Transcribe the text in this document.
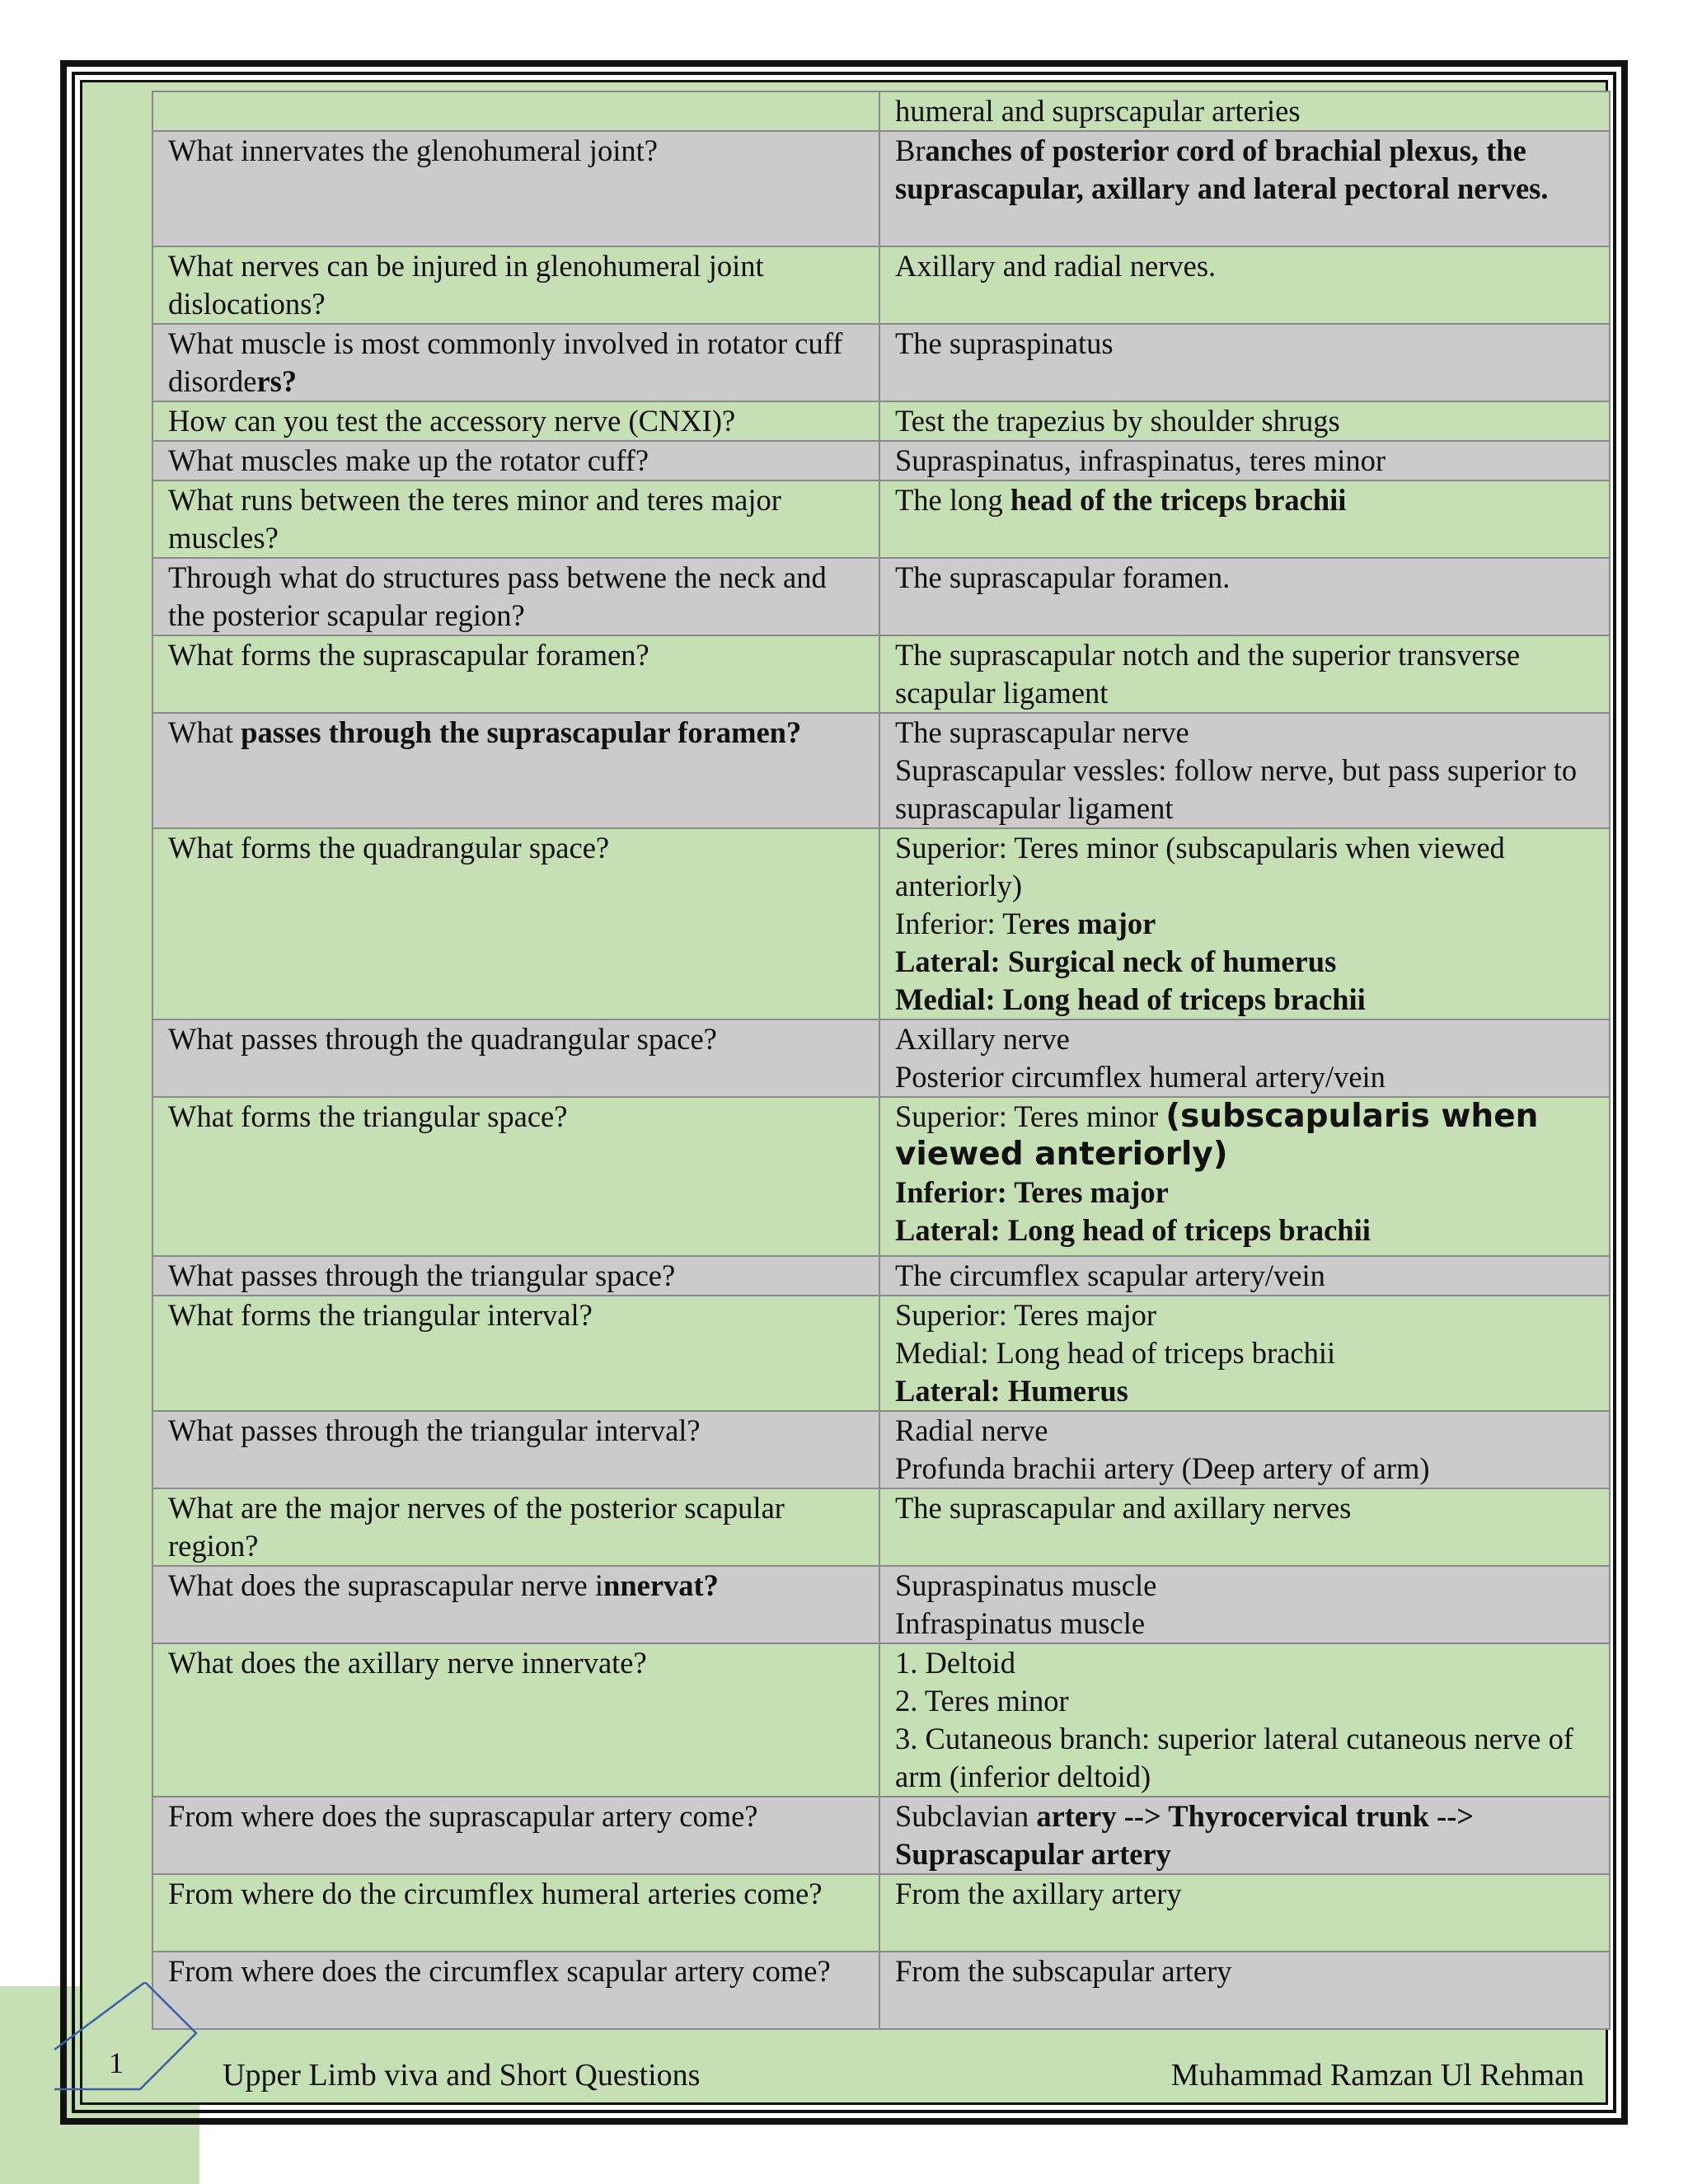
	humeral and suprscapular arteries
What innervates the glenohumeral joint?	Branches of posterior cord of brachial plexus, the suprascapular, axillary and lateral pectoral nerves.
What nerves can be injured in glenohumeral joint dislocations?	Axillary and radial nerves.
What muscle is most commonly involved in rotator cuff disorders?	The supraspinatus
How can you test the accessory nerve (CNXI)?	Test the trapezius by shoulder shrugs
What muscles make up the rotator cuff?	Supraspinatus, infraspinatus, teres minor
What runs between the teres minor and teres major muscles?	The long head of the triceps brachii
Through what do structures pass betwene the neck and the posterior scapular region?	The suprascapular foramen.
What forms the suprascapular foramen?	The suprascapular notch and the superior transverse scapular ligament
What passes through the suprascapular foramen?	The suprascapular nerve
Suprascapular vessles: follow nerve, but pass superior to suprascapular ligament

What forms the quadrangular space?	Superior: Teres minor (subscapularis when viewed anteriorly)
Inferior: Teres major
Lateral: Surgical neck of humerus
Medial: Long head of triceps brachii

What passes through the quadrangular space?	Axillary nerve
Posterior circumflex humeral artery/vein

What forms the triangular space?	Superior: Teres minor (subscapularis when viewed anteriorly)
Inferior: Teres major
Lateral: Long head of triceps brachii

What passes through the triangular space?	The circumflex scapular artery/vein
What forms the triangular interval?	Superior: Teres major
Medial: Long head of triceps brachii
Lateral: Humerus

What passes through the triangular interval?	Radial nerve
Profunda brachii artery (Deep artery of arm)

What are the major nerves of the posterior scapular region?	The suprascapular and axillary nerves
What does the suprascapular nerve innervat?	Supraspinatus muscle
Infraspinatus muscle

What does the axillary nerve innervate?	1. Deltoid
2. Teres minor
3. Cutaneous branch: superior lateral cutaneous nerve of arm (inferior deltoid)

From where does the suprascapular artery come?	Subclavian artery --> Thyrocervical trunk --> Suprascapular artery
From where do the circumflex humeral arteries come?	From the axillary artery
From where does the circumflex scapular artery come?	From the subscapular artery
1	Upper Limb viva and Short Questions	Muhammad Ramzan Ul Rehman
